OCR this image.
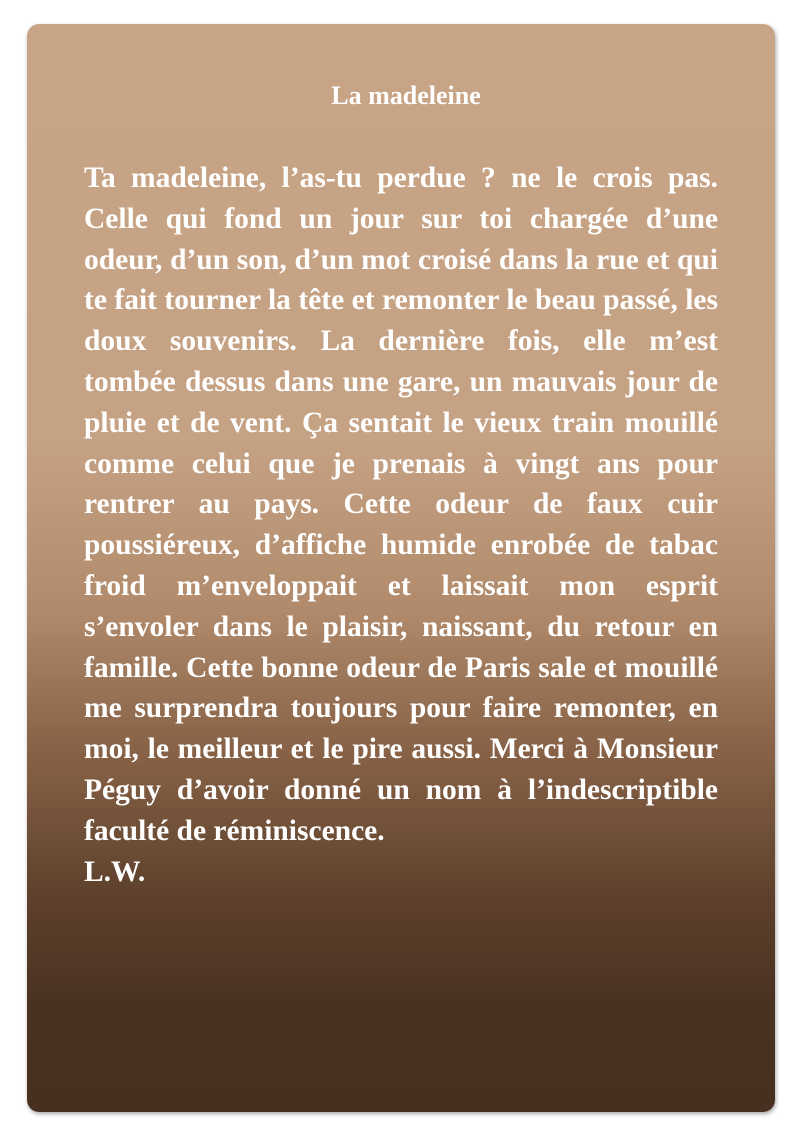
La madeleine
Ta madeleine, l’as-tu perdue ? ne le crois pas. Celle qui fond un jour sur toi chargée d’une odeur, d’un son, d’un mot croisé dans la rue et qui te fait tourner la tête et remonter le beau passé, les doux souvenirs. La dernière fois, elle m’est tombée dessus dans une gare, un mauvais jour de pluie et de vent. Ça sentait le vieux train mouillé comme celui que je prenais à vingt ans pour rentrer au pays. Cette odeur de faux cuir poussiéreux, d’affiche humide enrobée de tabac froid m’enveloppait et laissait mon esprit s’envoler dans le plaisir, naissant, du retour en famille. Cette bonne odeur de Paris sale et mouillé me surprendra toujours pour faire remonter, en moi, le meilleur et le pire aussi. Merci à Monsieur Péguy d’avoir donné un nom à l’indescriptible faculté de réminiscence.
L.W.
